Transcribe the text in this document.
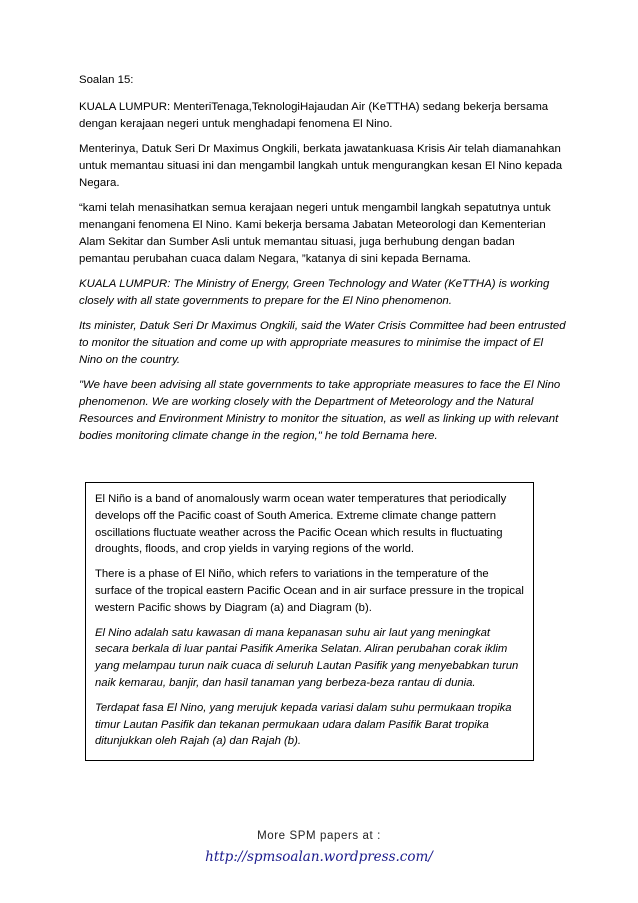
Soalan 15:

KUALA LUMPUR: MenteriTenaga,TeknologiHajaudan Air (KeTTHA) sedang bekerja bersama dengan kerajaan negeri untuk menghadapi fenomena El Nino.

Menterinya, Datuk Seri Dr Maximus Ongkili, berkata jawatankuasa Krisis Air telah diamanahkan untuk memantau situasi ini dan mengambil langkah untuk mengurangkan kesan El Nino kepada Negara.

“kami telah menasihatkan semua kerajaan negeri untuk mengambil langkah sepatutnya untuk menangani fenomena El Nino. Kami bekerja bersama Jabatan Meteorologi dan Kementerian Alam Sekitar dan Sumber Asli untuk memantau situasi, juga berhubung dengan badan pemantau perubahan cuaca dalam Negara, ”katanya di sini kepada Bernama.

KUALA LUMPUR: The Ministry of Energy, Green Technology and Water (KeTTHA) is working closely with all state governments to prepare for the El Nino phenomenon.

Its minister, Datuk Seri Dr Maximus Ongkili, said the Water Crisis Committee had been entrusted to monitor the situation and come up with appropriate measures to minimise the impact of El Nino on the country.

"We have been advising all state governments to take appropriate measures to face the El Nino phenomenon. We are working closely with the Department of Meteorology and the Natural Resources and Environment Ministry to monitor the situation, as well as linking up with relevant bodies monitoring climate change in the region," he told Bernama here.

El Niño is a band of anomalously warm ocean water temperatures that periodically develops off the Pacific coast of South America. Extreme climate change pattern oscillations fluctuate weather across the Pacific Ocean which results in fluctuating droughts, floods, and crop yields in varying regions of the world.

There is a phase of El Niño, which refers to variations in the temperature of the surface of the tropical eastern Pacific Ocean and in air surface pressure in the tropical western Pacific shows by Diagram (a) and Diagram (b).

El Nino adalah satu kawasan di mana kepanasan suhu air laut yang meningkat secara berkala di luar pantai Pasifik Amerika Selatan. Aliran perubahan corak iklim yang melampau turun naik cuaca di seluruh Lautan Pasifik yang menyebabkan turun naik kemarau, banjir, dan hasil tanaman yang berbeza-beza rantau di dunia.

Terdapat fasa El Nino, yang merujuk kepada variasi dalam suhu permukaan tropika timur Lautan Pasifik dan tekanan permukaan udara dalam Pasifik Barat tropika ditunjukkan oleh Rajah (a) dan Rajah (b).

More SPM papers at :
http://spmsoalan.wordpress.com/
